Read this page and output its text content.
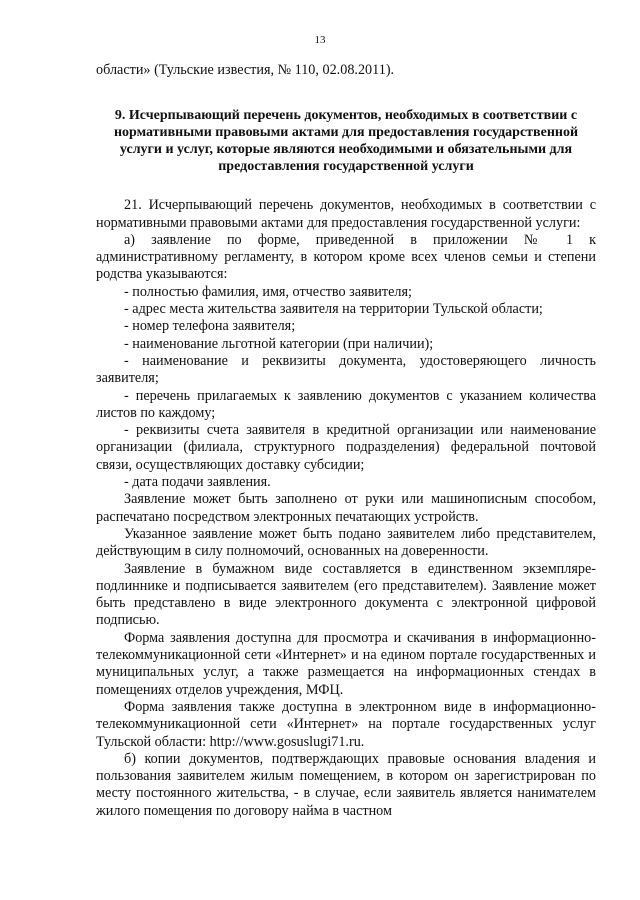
13

области» (Тульские известия, № 110, 02.08.2011).

9. Исчерпывающий перечень документов, необходимых в соответствии с нормативными правовыми актами для предоставления государственной услуги и услуг, которые являются необходимыми и обязательными для предоставления государственной услуги

21. Исчерпывающий перечень документов, необходимых в соответствии с нормативными правовыми актами для предоставления государственной услуги:

а) заявление по форме, приведенной в приложении № 1 к административному регламенту, в котором кроме всех членов семьи и степени родства указываются:

- полностью фамилия, имя, отчество заявителя;

- адрес места жительства заявителя на территории Тульской области;

- номер телефона заявителя;

- наименование льготной категории (при наличии);

- наименование и реквизиты документа, удостоверяющего личность заявителя;

- перечень прилагаемых к заявлению документов с указанием количества листов по каждому;

- реквизиты счета заявителя в кредитной организации или наименование организации (филиала, структурного подразделения) федеральной почтовой связи, осуществляющих доставку субсидии;

- дата подачи заявления.

Заявление может быть заполнено от руки или машинописным способом, распечатано посредством электронных печатающих устройств.

Указанное заявление может быть подано заявителем либо представителем, действующим в силу полномочий, основанных на доверенности.

Заявление в бумажном виде составляется в единственном экземпляре-подлиннике и подписывается заявителем (его представителем). Заявление может быть представлено в виде электронного документа с электронной цифровой подписью.

Форма заявления доступна для просмотра и скачивания в информационно-телекоммуникационной сети «Интернет» и на едином портале государственных и муниципальных услуг, а также размещается на информационных стендах в помещениях отделов учреждения, МФЦ.

Форма заявления также доступна в электронном виде в информационно-телекоммуникационной сети «Интернет» на портале государственных услуг Тульской области: http://www.gosuslugi71.ru.

б) копии документов, подтверждающих правовые основания владения и пользования заявителем жилым помещением, в котором он зарегистрирован по месту постоянного жительства, - в случае, если заявитель является нанимателем жилого помещения по договору найма в частном
